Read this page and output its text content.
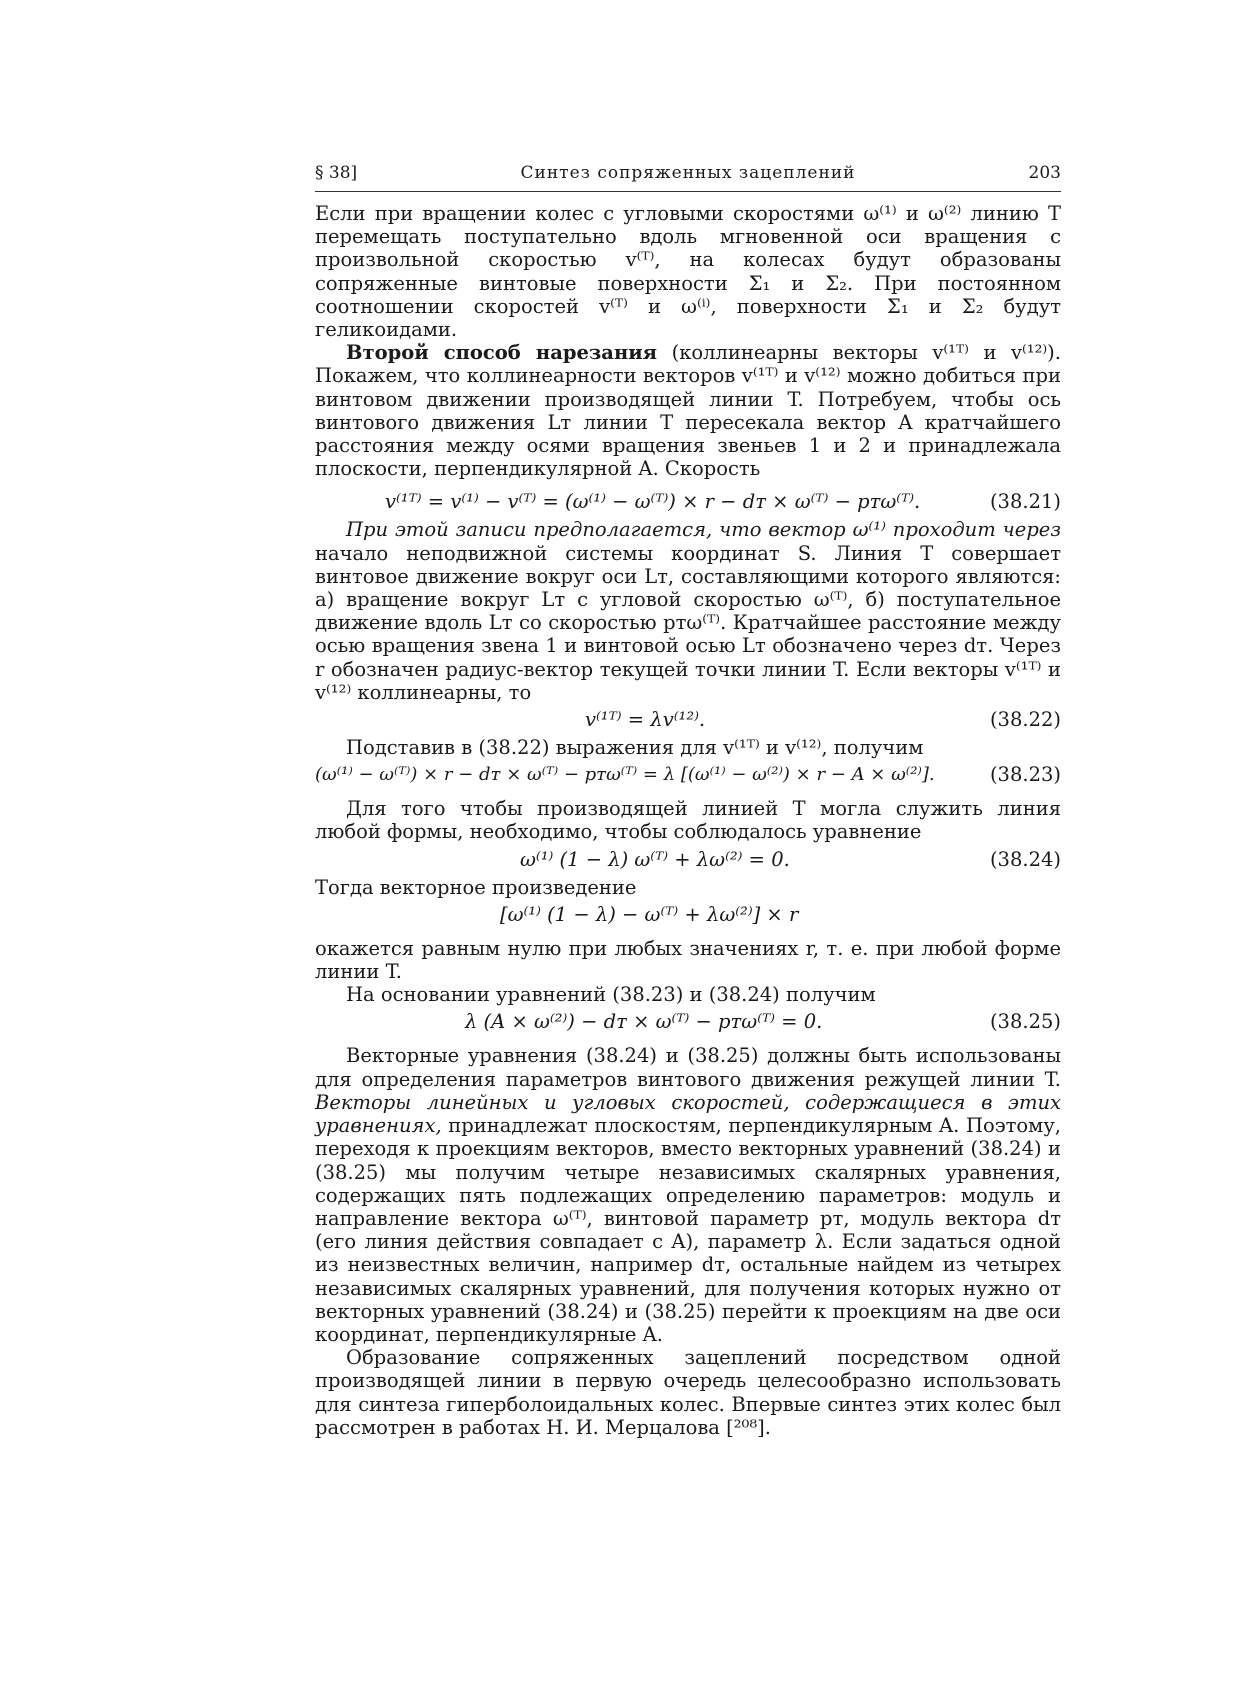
§ 38]	Синтез сопряженных зацеплений	203

Если при вращении колес с угловыми скоростями ω⁽¹⁾ и ω⁽²⁾ линию T перемещать поступательно вдоль мгновенной оси вращения с произвольной скоростью v⁽ᵀ⁾, на колесах будут образованы сопряженные винтовые поверхности Σ₁ и Σ₂. При постоянном соотношении скоростей v⁽ᵀ⁾ и ω⁽ⁱ⁾, поверхности Σ₁ и Σ₂ будут геликоидами.

Второй способ нарезания (коллинеарны векторы v⁽¹ᵀ⁾ и v⁽¹²⁾). Покажем, что коллинеарности векторов v⁽¹ᵀ⁾ и v⁽¹²⁾ можно добиться при винтовом движении производящей линии T. Потребуем, чтобы ось винтового движения Lᴛ линии T пересекала вектор A кратчайшего расстояния между осями вращения звеньев 1 и 2 и принадлежала плоскости, перпендикулярной A. Скорость

v⁽¹ᵀ⁾ = v⁽¹⁾ − v⁽ᵀ⁾ = (ω⁽¹⁾ − ω⁽ᵀ⁾) × r − dᴛ × ω⁽ᵀ⁾ − pᴛω⁽ᵀ⁾.	(38.21)

При этой записи предполагается, что вектор ω⁽¹⁾ проходит через начало неподвижной системы координат S. Линия T совершает винтовое движение вокруг оси Lᴛ, составляющими которого являются: а) вращение вокруг Lᴛ с угловой скоростью ω⁽ᵀ⁾, б) поступательное движение вдоль Lᴛ со скоростью pᴛω⁽ᵀ⁾. Кратчайшее расстояние между осью вращения звена 1 и винтовой осью Lᴛ обозначено через dᴛ. Через r обозначен радиус-вектор текущей точки линии T. Если векторы v⁽¹ᵀ⁾ и v⁽¹²⁾ коллинеарны, то

v⁽¹ᵀ⁾ = λv⁽¹²⁾.	(38.22)

Подставив в (38.22) выражения для v⁽¹ᵀ⁾ и v⁽¹²⁾, получим

(ω⁽¹⁾ − ω⁽ᵀ⁾) × r − dᴛ × ω⁽ᵀ⁾ − pᴛω⁽ᵀ⁾ = λ [(ω⁽¹⁾ − ω⁽²⁾) × r − A × ω⁽²⁾].	(38.23)

Для того чтобы производящей линией T могла служить линия любой формы, необходимо, чтобы соблюдалось уравнение

ω⁽¹⁾ (1 − λ) ω⁽ᵀ⁾ + λω⁽²⁾ = 0.	(38.24)

Тогда векторное произведение

[ω⁽¹⁾ (1 − λ) − ω⁽ᵀ⁾ + λω⁽²⁾] × r

окажется равным нулю при любых значениях r, т. е. при любой форме линии T.

На основании уравнений (38.23) и (38.24) получим

λ (A × ω⁽²⁾) − dᴛ × ω⁽ᵀ⁾ − pᴛω⁽ᵀ⁾ = 0.	(38.25)

Векторные уравнения (38.24) и (38.25) должны быть использованы для определения параметров винтового движения режущей линии T. Векторы линейных и угловых скоростей, содержащиеся в этих уравнениях, принадлежат плоскостям, перпендикулярным A. Поэтому, переходя к проекциям векторов, вместо векторных уравнений (38.24) и (38.25) мы получим четыре независимых скалярных уравнения, содержащих пять подлежащих определению параметров: модуль и направление вектора ω⁽ᵀ⁾, винтовой параметр pᴛ, модуль вектора dᴛ (его линия действия совпадает с A), параметр λ. Если задаться одной из неизвестных величин, например dᴛ, остальные найдем из четырех независимых скалярных уравнений, для получения которых нужно от векторных уравнений (38.24) и (38.25) перейти к проекциям на две оси координат, перпендикулярные A.

Образование сопряженных зацеплений посредством одной производящей линии в первую очередь целесообразно использовать для синтеза гиперболоидальных колес. Впервые синтез этих колес был рассмотрен в работах Н. И. Мерцалова [²⁰⁸].
